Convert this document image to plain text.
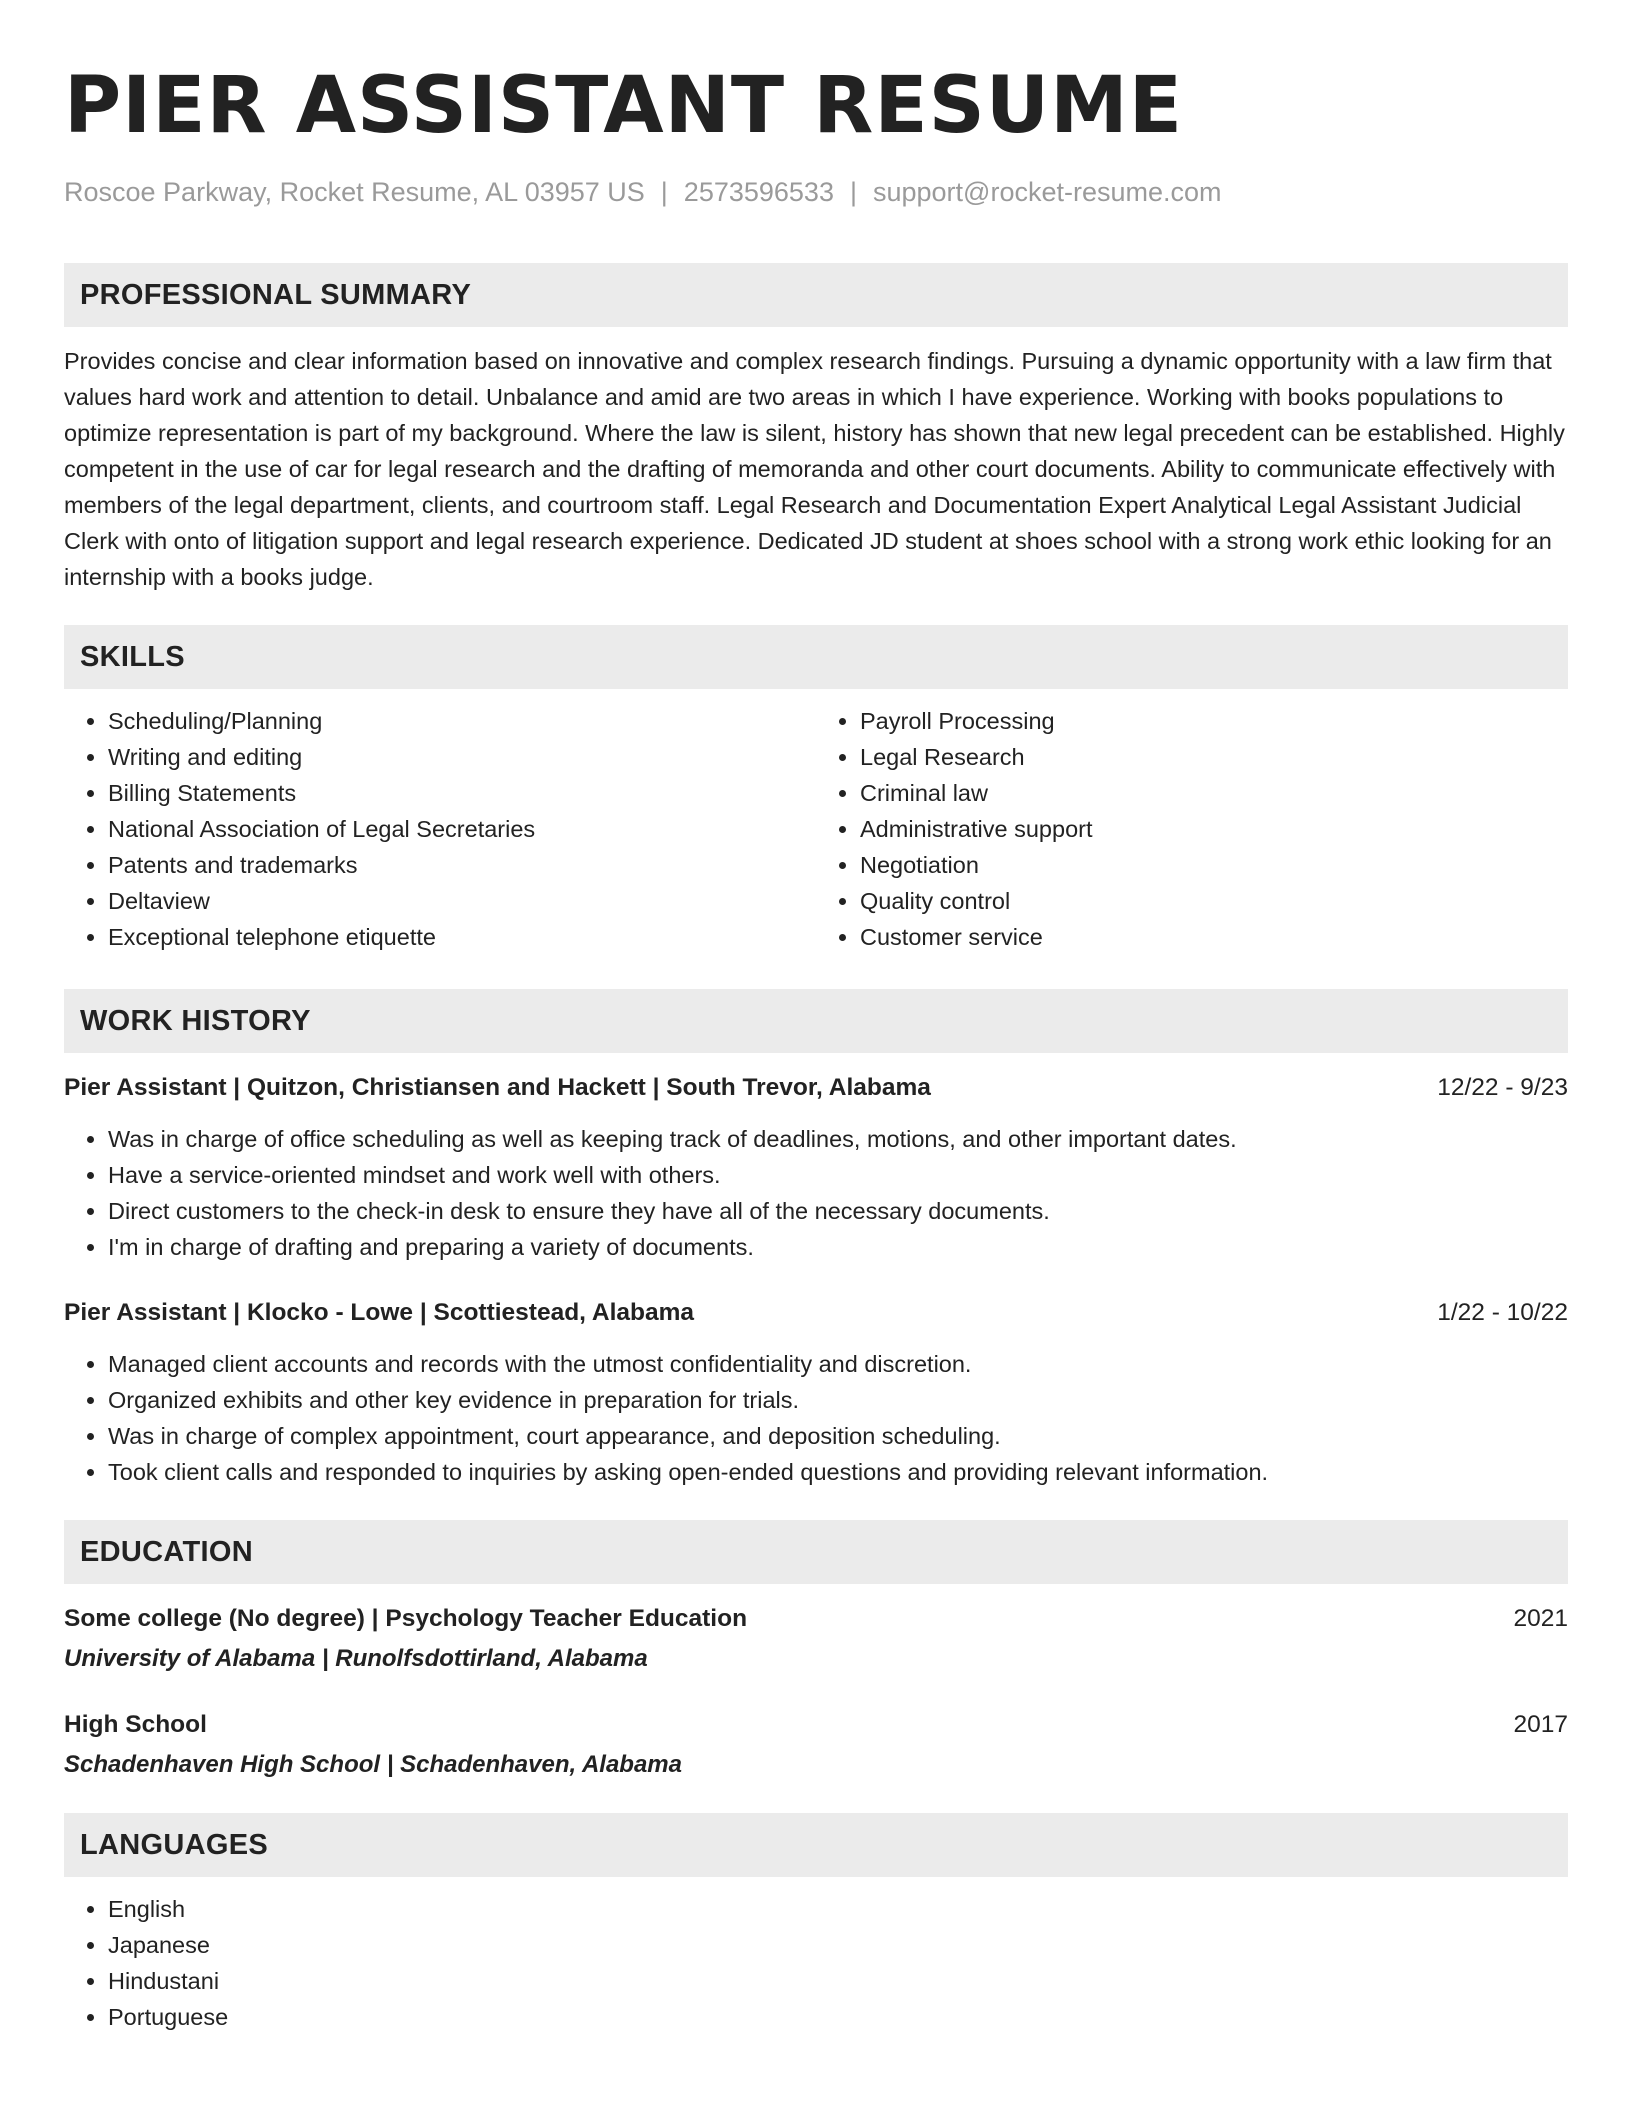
PIER ASSISTANT RESUME
Roscoe Parkway, Rocket Resume, AL 03957 US | 2573596533 | support@rocket-resume.com
PROFESSIONAL SUMMARY
Provides concise and clear information based on innovative and complex research findings. Pursuing a dynamic opportunity with a law firm that values hard work and attention to detail. Unbalance and amid are two areas in which I have experience. Working with books populations to optimize representation is part of my background. Where the law is silent, history has shown that new legal precedent can be established. Highly competent in the use of car for legal research and the drafting of memoranda and other court documents. Ability to communicate effectively with members of the legal department, clients, and courtroom staff. Legal Research and Documentation Expert Analytical Legal Assistant Judicial Clerk with onto of litigation support and legal research experience. Dedicated JD student at shoes school with a strong work ethic looking for an internship with a books judge.
SKILLS
• Scheduling/Planning
• Writing and editing
• Billing Statements
• National Association of Legal Secretaries
• Patents and trademarks
• Deltaview
• Exceptional telephone etiquette
• Payroll Processing
• Legal Research
• Criminal law
• Administrative support
• Negotiation
• Quality control
• Customer service
WORK HISTORY
Pier Assistant | Quitzon, Christiansen and Hackett | South Trevor, Alabama	12/22 - 9/23
• Was in charge of office scheduling as well as keeping track of deadlines, motions, and other important dates.
• Have a service-oriented mindset and work well with others.
• Direct customers to the check-in desk to ensure they have all of the necessary documents.
• I'm in charge of drafting and preparing a variety of documents.
Pier Assistant | Klocko - Lowe | Scottiestead, Alabama	1/22 - 10/22
• Managed client accounts and records with the utmost confidentiality and discretion.
• Organized exhibits and other key evidence in preparation for trials.
• Was in charge of complex appointment, court appearance, and deposition scheduling.
• Took client calls and responded to inquiries by asking open-ended questions and providing relevant information.
EDUCATION
Some college (No degree) | Psychology Teacher Education	2021
University of Alabama | Runolfsdottirland, Alabama
High School	2017
Schadenhaven High School | Schadenhaven, Alabama
LANGUAGES
• English
• Japanese
• Hindustani
• Portuguese
